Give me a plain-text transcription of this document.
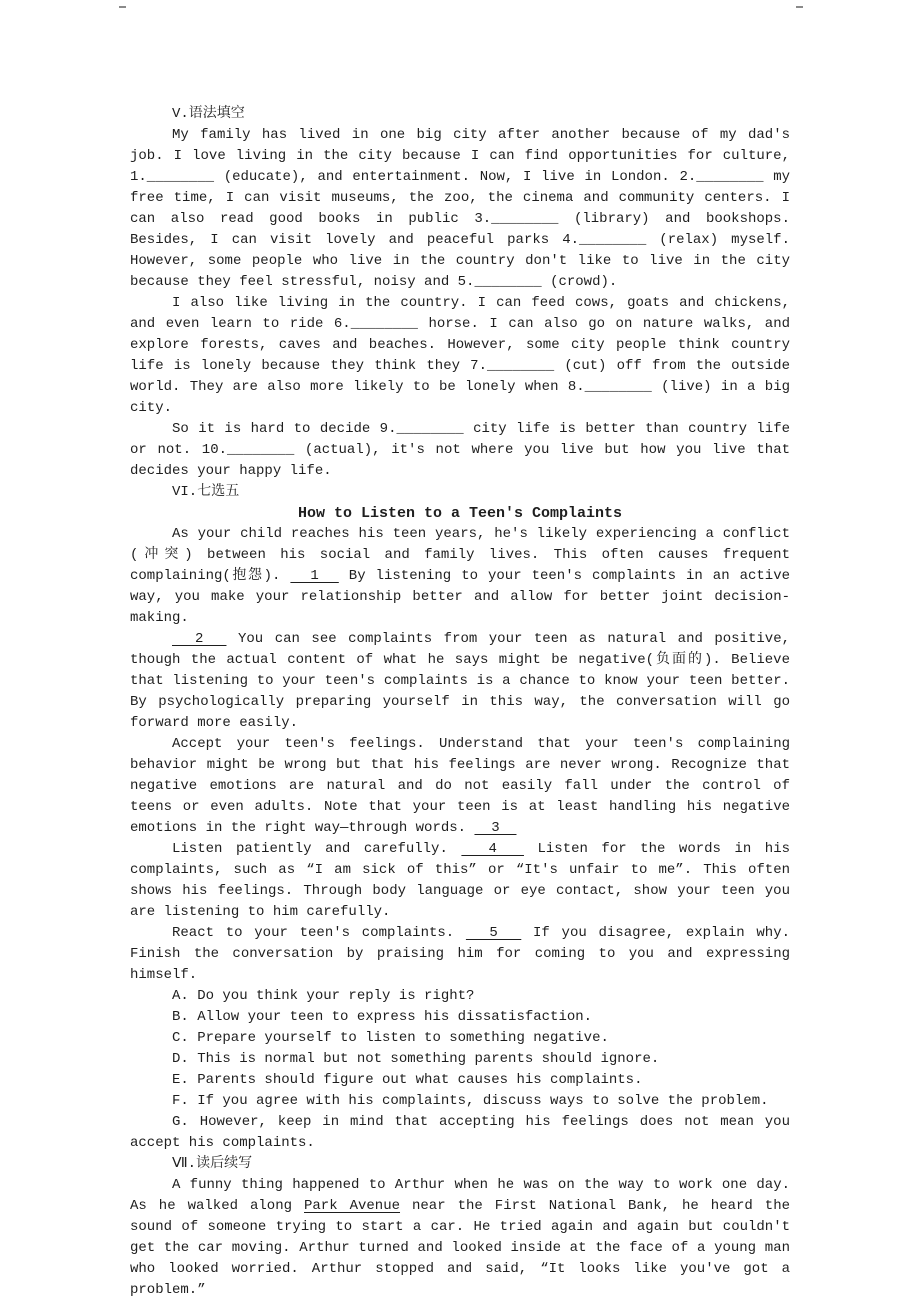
V.语法填空

My family has lived in one big city after another because of my dad's job. I love living in the city because I can find opportunities for culture, 1.________ (educate), and entertainment. Now, I live in London. 2.________ my free time, I can visit museums, the zoo, the cinema and community centers. I can also read good books in public 3.________ (library) and bookshops. Besides, I can visit lovely and peaceful parks 4.________ (relax) myself. However, some people who live in the country don't like to live in the city because they feel stressful, noisy and 5.________ (crowd).

I also like living in the country. I can feed cows, goats and chickens, and even learn to ride 6.________ horse. I can also go on nature walks, and explore forests, caves and beaches. However, some city people think country life is lonely because they think they 7.________ (cut) off from the outside world. They are also more likely to be lonely when 8.________ (live) in a big city.

So it is hard to decide 9.________ city life is better than country life or not. 10.________ (actual), it's not where you live but how you live that decides your happy life.

VI.七选五

How to Listen to a Teen's Complaints

As your child reaches his teen years, he's likely experiencing a conflict (冲突) between his social and family lives. This often causes frequent complaining(抱怨).   1   By listening to your teen's complaints in an active way, you make your relationship better and allow for better joint decision-making.

2   You can see complaints from your teen as natural and positive, though the actual content of what he says might be negative(负面的). Believe that listening to your teen's complaints is a chance to know your teen better. By psychologically preparing yourself in this way, the conversation will go forward more easily.

Accept your teen's feelings. Understand that your teen's complaining behavior might be wrong but that his feelings are never wrong. Recognize that negative emotions are natural and do not easily fall under the control of teens or even adults. Note that your teen is at least handling his negative emotions in the right way—through words.   3

Listen patiently and carefully.   4   Listen for the words in his complaints, such as “I am sick of this” or “It's unfair to me”. This often shows his feelings. Through body language or eye contact, show your teen you are listening to him carefully.

React to your teen's complaints.   5   If you disagree, explain why. Finish the conversation by praising him for coming to you and expressing himself.

A. Do you think your reply is right?

B. Allow your teen to express his dissatisfaction.

C. Prepare yourself to listen to something negative.

D. This is normal but not something parents should ignore.

E. Parents should figure out what causes his complaints.

F. If you agree with his complaints, discuss ways to solve the problem.

G. However, keep in mind that accepting his feelings does not mean you accept his complaints.

Ⅶ.读后续写

A funny thing happened to Arthur when he was on the way to work one day. As he walked along Park Avenue near the First National Bank, he heard the sound of someone trying to start a car. He tried again and again but couldn't get the car moving. Arthur turned and looked inside at the face of a young man who looked worried. Arthur stopped and said, “It looks like you've got a problem.”
